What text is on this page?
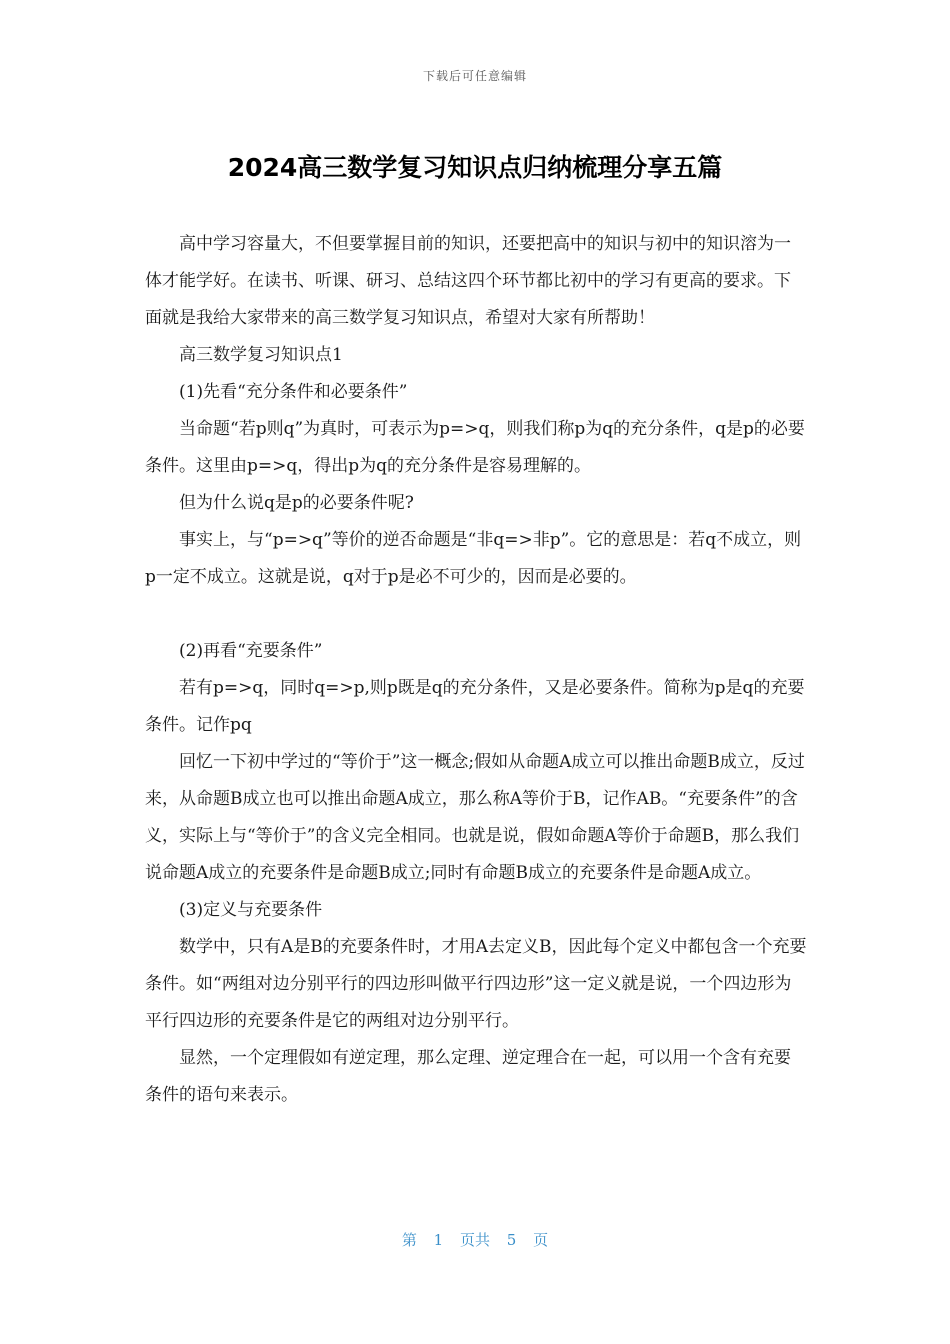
下载后可任意编辑
2024高三数学复习知识点归纳梳理分享五篇

高中学习容量大，不但要掌握目前的知识，还要把高中的知识与初中的知识溶为一体才能学好。在读书、听课、研习、总结这四个环节都比初中的学习有更高的要求。下面就是我给大家带来的高三数学复习知识点，希望对大家有所帮助！

高三数学复习知识点1

(1)先看“充分条件和必要条件”

当命题“若p则q”为真时，可表示为p=>q，则我们称p为q的充分条件，q是p的必要条件。这里由p=>q，得出p为q的充分条件是容易理解的。

但为什么说q是p的必要条件呢?

事实上，与“p=>q”等价的逆否命题是“非q=>非p”。它的意思是：若q不成立，则p一定不成立。这就是说，q对于p是必不可少的，因而是必要的。

(2)再看“充要条件”

若有p=>q，同时q=>p,则p既是q的充分条件，又是必要条件。简称为p是q的充要条件。记作pq

回忆一下初中学过的“等价于”这一概念;假如从命题A成立可以推出命题B成立，反过来，从命题B成立也可以推出命题A成立，那么称A等价于B，记作AB。“充要条件”的含义，实际上与“等价于”的含义完全相同。也就是说，假如命题A等价于命题B，那么我们说命题A成立的充要条件是命题B成立;同时有命题B成立的充要条件是命题A成立。

(3)定义与充要条件

数学中，只有A是B的充要条件时，才用A去定义B，因此每个定义中都包含一个充要条件。如“两组对边分别平行的四边形叫做平行四边形”这一定义就是说，一个四边形为平行四边形的充要条件是它的两组对边分别平行。

显然，一个定理假如有逆定理，那么定理、逆定理合在一起，可以用一个含有充要条件的语句来表示。

第 1 页共 5 页
